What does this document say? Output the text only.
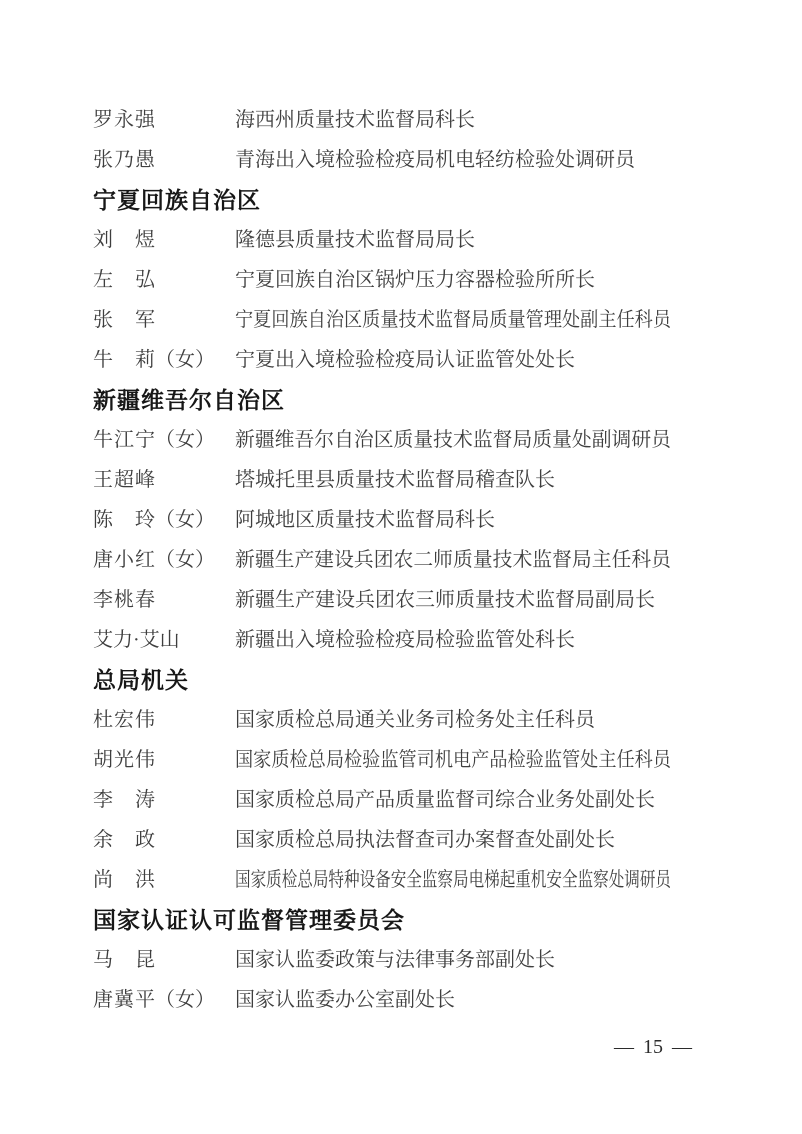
罗永强	海西州质量技术监督局科长
张乃愚	青海出入境检验检疫局机电轻纺检验处调研员
宁夏回族自治区
刘煜	隆德县质量技术监督局局长
左弘	宁夏回族自治区锅炉压力容器检验所所长
张军	宁夏回族自治区质量技术监督局质量管理处副主任科员
牛莉（女）	宁夏出入境检验检疫局认证监管处处长
新疆维吾尔自治区
牛江宁（女）	新疆维吾尔自治区质量技术监督局质量处副调研员
王超峰	塔城托里县质量技术监督局稽查队长
陈玲（女）	阿城地区质量技术监督局科长
唐小红（女）	新疆生产建设兵团农二师质量技术监督局主任科员
李桃春	新疆生产建设兵团农三师质量技术监督局副局长
艾力·艾山	新疆出入境检验检疫局检验监管处科长
总局机关
杜宏伟	国家质检总局通关业务司检务处主任科员
胡光伟	国家质检总局检验监管司机电产品检验监管处主任科员
李涛	国家质检总局产品质量监督司综合业务处副处长
余政	国家质检总局执法督查司办案督查处副处长
尚洪	国家质检总局特种设备安全监察局电梯起重机安全监察处调研员
国家认证认可监督管理委员会
马昆	国家认监委政策与法律事务部副处长
唐冀平（女）	国家认监委办公室副处长
— 15 —
